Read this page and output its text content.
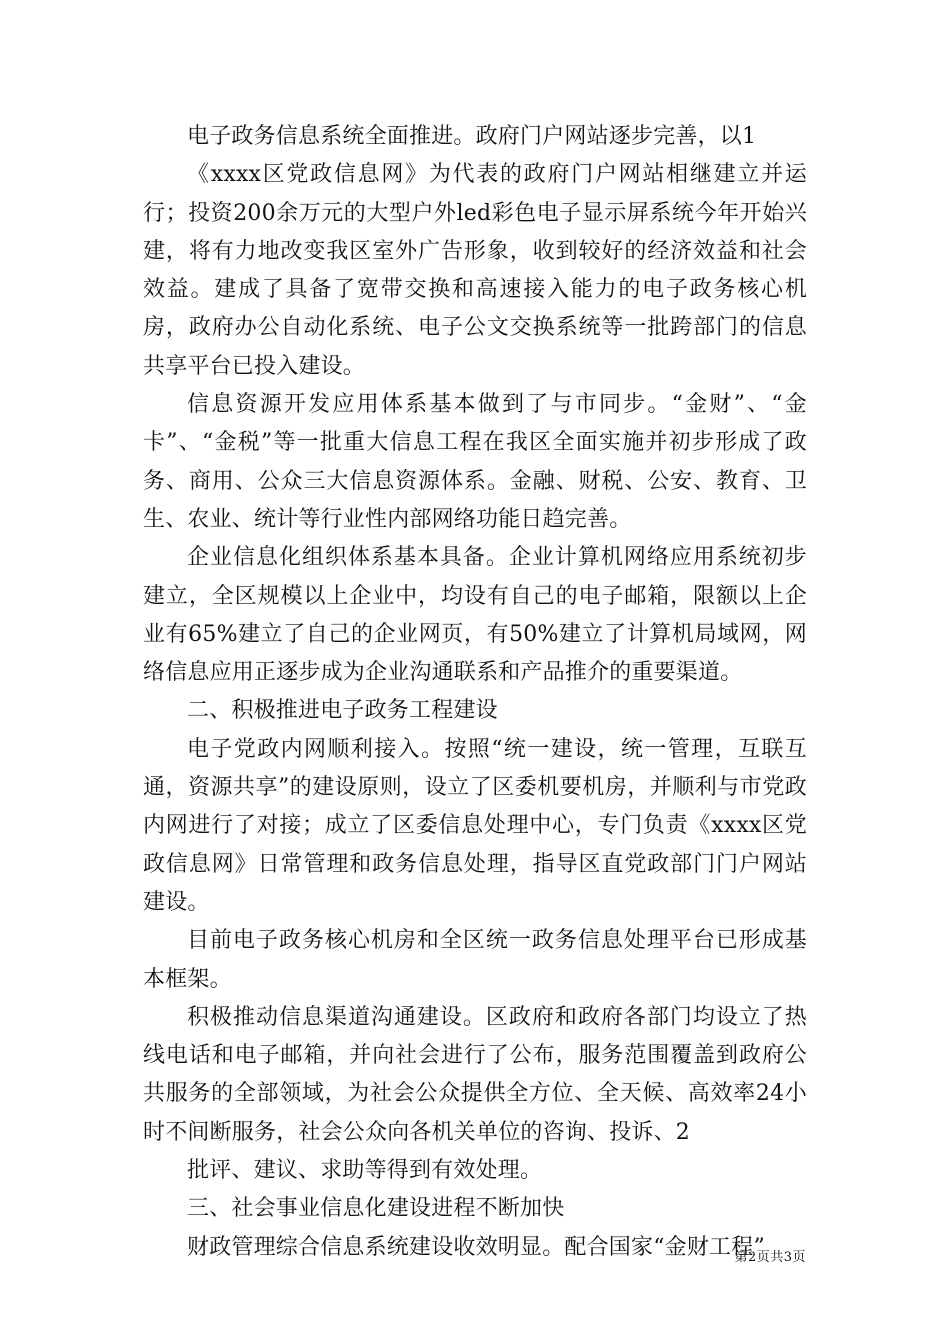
电子政务信息系统全面推进。政府门户网站逐步完善，以1

《xxxx区党政信息网》为代表的政府门户网站相继建立并运行；投资200余万元的大型户外led彩色电子显示屏系统今年开始兴建，将有力地改变我区室外广告形象，收到较好的经济效益和社会效益。建成了具备了宽带交换和高速接入能力的电子政务核心机房，政府办公自动化系统、电子公文交换系统等一批跨部门的信息共享平台已投入建设。

信息资源开发应用体系基本做到了与市同步。“金财”、“金卡”、“金税”等一批重大信息工程在我区全面实施并初步形成了政务、商用、公众三大信息资源体系。金融、财税、公安、教育、卫生、农业、统计等行业性内部网络功能日趋完善。

企业信息化组织体系基本具备。企业计算机网络应用系统初步建立，全区规模以上企业中，均设有自己的电子邮箱，限额以上企业有65%建立了自己的企业网页，有50%建立了计算机局域网，网络信息应用正逐步成为企业沟通联系和产品推介的重要渠道。

二、积极推进电子政务工程建设

电子党政内网顺利接入。按照“统一建设，统一管理，互联互通，资源共享”的建设原则，设立了区委机要机房，并顺利与市党政内网进行了对接；成立了区委信息处理中心，专门负责《xxxx区党政信息网》日常管理和政务信息处理，指导区直党政部门门户网站建设。

目前电子政务核心机房和全区统一政务信息处理平台已形成基本框架。

积极推动信息渠道沟通建设。区政府和政府各部门均设立了热线电话和电子邮箱，并向社会进行了公布，服务范围覆盖到政府公共服务的全部领域，为社会公众提供全方位、全天候、高效率24小时不间断服务，社会公众向各机关单位的咨询、投诉、2

批评、建议、求助等得到有效处理。

三、社会事业信息化建设进程不断加快

财政管理综合信息系统建设收效明显。配合国家“金财工程”

第2页共3页
